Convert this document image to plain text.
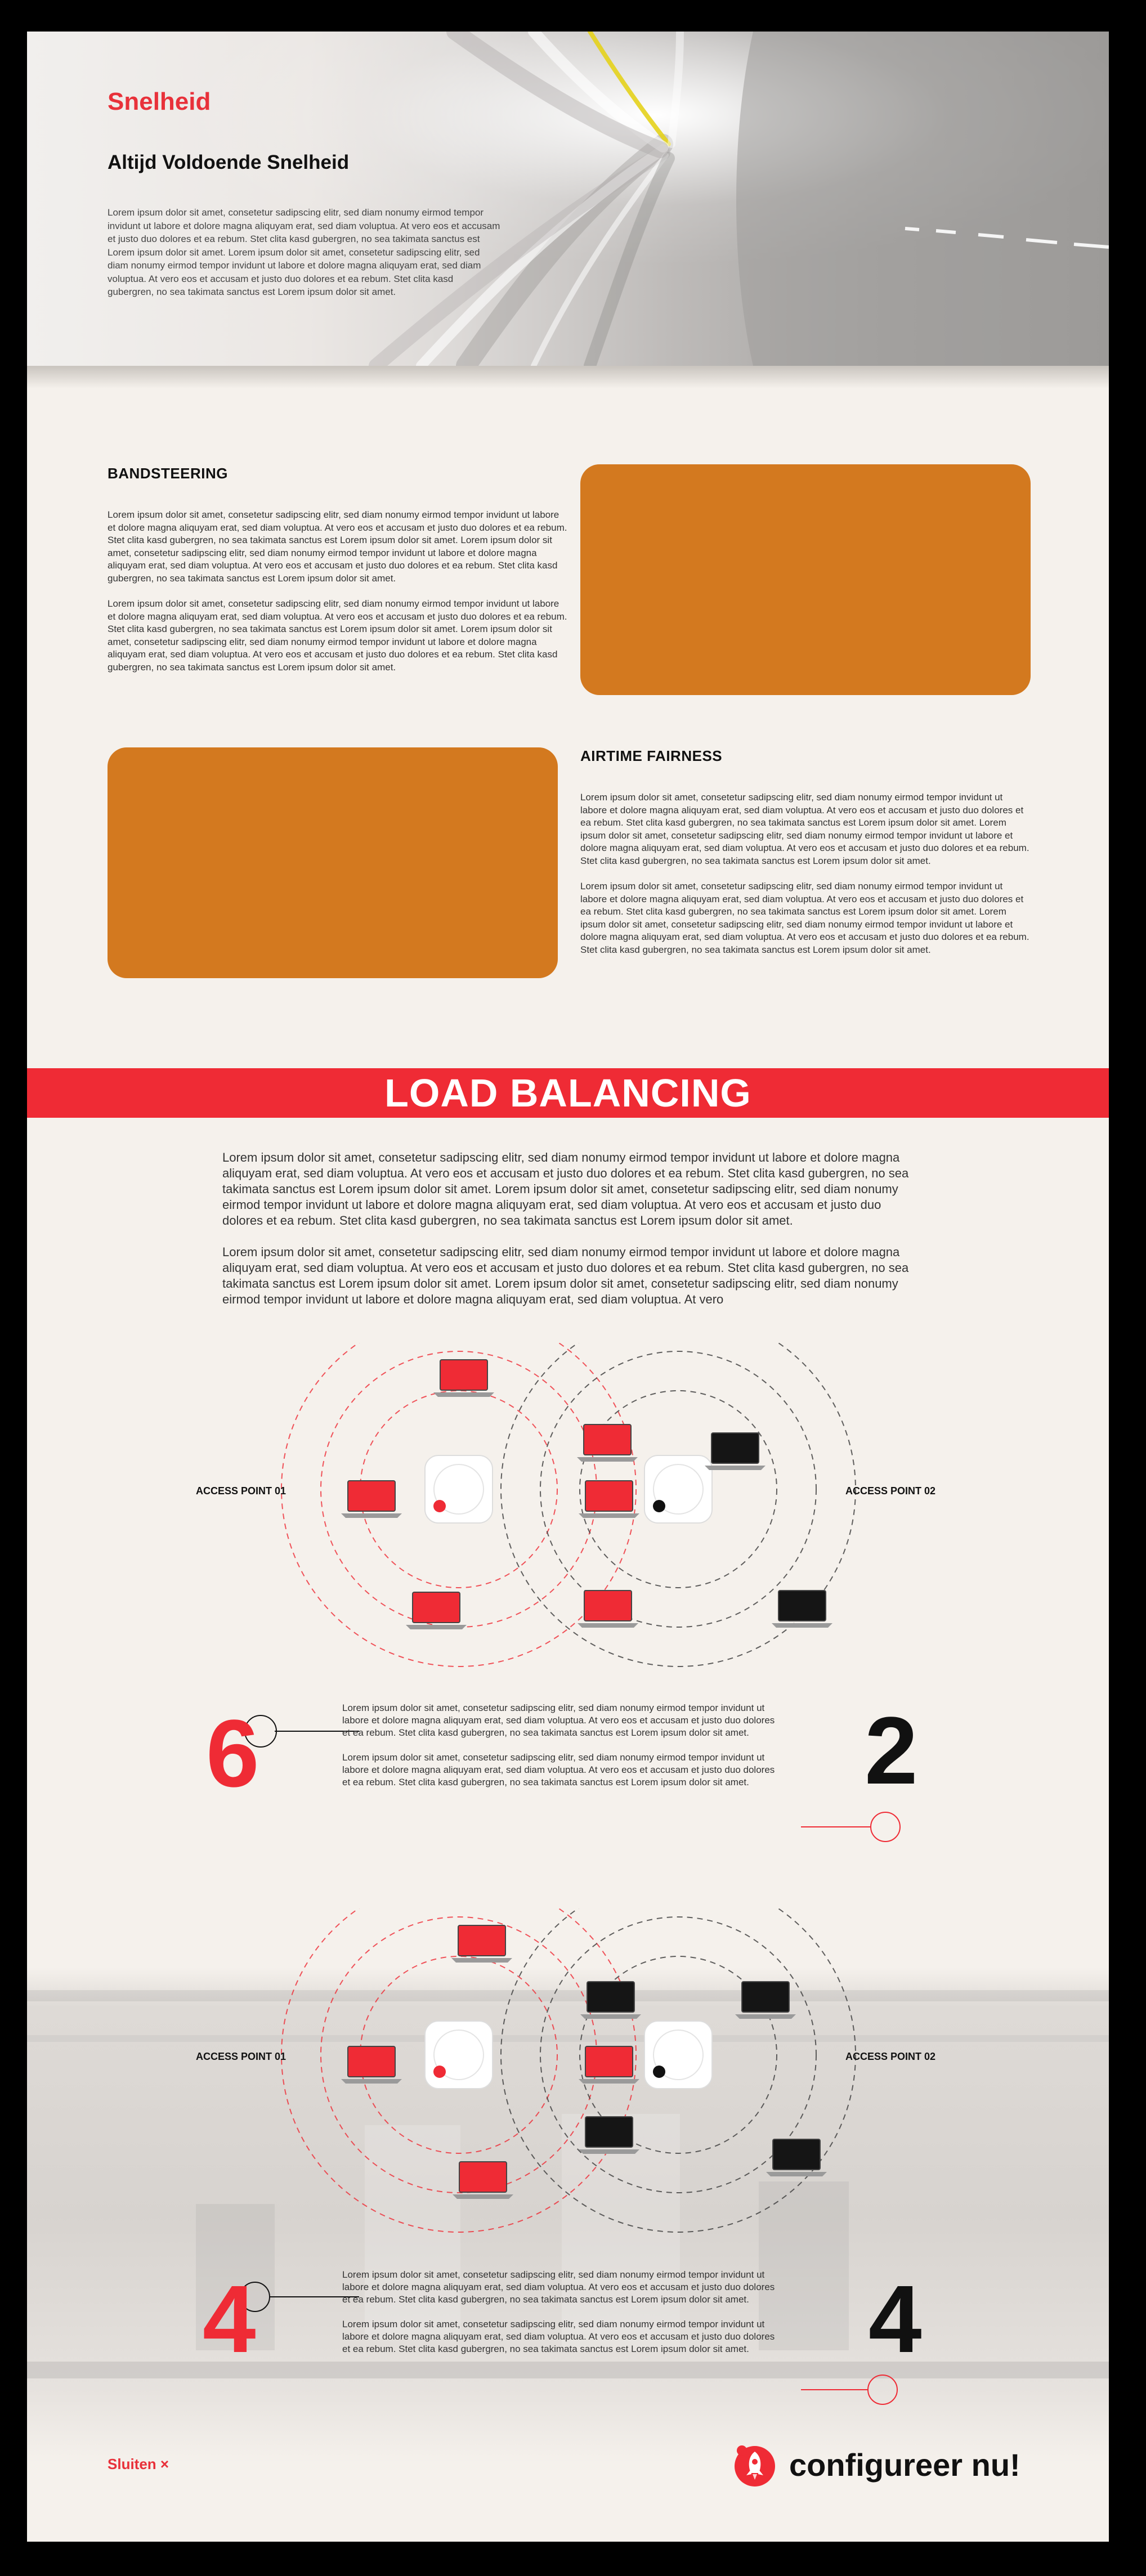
Snelheid
Altijd Voldoende Snelheid
Lorem ipsum dolor sit amet, consetetur sadipscing elitr, sed diam nonumy eirmod tempor invidunt ut labore et dolore magna aliquyam erat, sed diam voluptua. At vero eos et accusam et justo duo dolores et ea rebum. Stet clita kasd gubergren, no sea takimata sanctus est Lorem ipsum dolor sit amet. Lorem ipsum dolor sit amet, consetetur sadipscing elitr, sed diam nonumy eirmod tempor invidunt ut labore et dolore magna aliquyam erat, sed diam voluptua. At vero eos et accusam et justo duo dolores et ea rebum. Stet clita kasd gubergren, no sea takimata sanctus est Lorem ipsum dolor sit amet.
BANDSTEERING

Lorem ipsum dolor sit amet, consetetur sadipscing elitr, sed diam nonumy eirmod tempor invidunt ut labore et dolore magna aliquyam erat, sed diam voluptua. At vero eos et accusam et justo duo dolores et ea rebum. Stet clita kasd gubergren, no sea takimata sanctus est Lorem ipsum dolor sit amet. Lorem ipsum dolor sit amet, consetetur sadipscing elitr, sed diam nonumy eirmod tempor invidunt ut labore et dolore magna aliquyam erat, sed diam voluptua. At vero eos et accusam et justo duo dolores et ea rebum. Stet clita kasd gubergren, no sea takimata sanctus est Lorem ipsum dolor sit amet.

Lorem ipsum dolor sit amet, consetetur sadipscing elitr, sed diam nonumy eirmod tempor invidunt ut labore et dolore magna aliquyam erat, sed diam voluptua. At vero eos et accusam et justo duo dolores et ea rebum. Stet clita kasd gubergren, no sea takimata sanctus est Lorem ipsum dolor sit amet. Lorem ipsum dolor sit amet, consetetur sadipscing elitr, sed diam nonumy eirmod tempor invidunt ut labore et dolore magna aliquyam erat, sed diam voluptua. At vero eos et accusam et justo duo dolores et ea rebum. Stet clita kasd gubergren, no sea takimata sanctus est Lorem ipsum dolor sit amet.

AIRTIME FAIRNESS

Lorem ipsum dolor sit amet, consetetur sadipscing elitr, sed diam nonumy eirmod tempor invidunt ut labore et dolore magna aliquyam erat, sed diam voluptua. At vero eos et accusam et justo duo dolores et ea rebum. Stet clita kasd gubergren, no sea takimata sanctus est Lorem ipsum dolor sit amet. Lorem ipsum dolor sit amet, consetetur sadipscing elitr, sed diam nonumy eirmod tempor invidunt ut labore et dolore magna aliquyam erat, sed diam voluptua. At vero eos et accusam et justo duo dolores et ea rebum. Stet clita kasd gubergren, no sea takimata sanctus est Lorem ipsum dolor sit amet.

Lorem ipsum dolor sit amet, consetetur sadipscing elitr, sed diam nonumy eirmod tempor invidunt ut labore et dolore magna aliquyam erat, sed diam voluptua. At vero eos et accusam et justo duo dolores et ea rebum. Stet clita kasd gubergren, no sea takimata sanctus est Lorem ipsum dolor sit amet. Lorem ipsum dolor sit amet, consetetur sadipscing elitr, sed diam nonumy eirmod tempor invidunt ut labore et dolore magna aliquyam erat, sed diam voluptua. At vero eos et accusam et justo duo dolores et ea rebum. Stet clita kasd gubergren, no sea takimata sanctus est Lorem ipsum dolor sit amet.

LOAD BALANCING

Lorem ipsum dolor sit amet, consetetur sadipscing elitr, sed diam nonumy eirmod tempor invidunt ut labore et dolore magna aliquyam erat, sed diam voluptua. At vero eos et accusam et justo duo dolores et ea rebum. Stet clita kasd gubergren, no sea takimata sanctus est Lorem ipsum dolor sit amet. Lorem ipsum dolor sit amet, consetetur sadipscing elitr, sed diam nonumy eirmod tempor invidunt ut labore et dolore magna aliquyam erat, sed diam voluptua. At vero eos et accusam et justo duo dolores et ea rebum. Stet clita kasd gubergren, no sea takimata sanctus est Lorem ipsum dolor sit amet.

Lorem ipsum dolor sit amet, consetetur sadipscing elitr, sed diam nonumy eirmod tempor invidunt ut labore et dolore magna aliquyam erat, sed diam voluptua. At vero eos et accusam et justo duo dolores et ea rebum. Stet clita kasd gubergren, no sea takimata sanctus est Lorem ipsum dolor sit amet. Lorem ipsum dolor sit amet, consetetur sadipscing elitr, sed diam nonumy eirmod tempor invidunt ut labore et dolore magna aliquyam erat, sed diam voluptua. At vero

ACCESS POINT 01	ACCESS POINT 02
6	2

Lorem ipsum dolor sit amet, consetetur sadipscing elitr, sed diam nonumy eirmod tempor invidunt ut labore et dolore magna aliquyam erat, sed diam voluptua. At vero eos et accusam et justo duo dolores et ea rebum. Stet clita kasd gubergren, no sea takimata sanctus est Lorem ipsum dolor sit amet.

Lorem ipsum dolor sit amet, consetetur sadipscing elitr, sed diam nonumy eirmod tempor invidunt ut labore et dolore magna aliquyam erat, sed diam voluptua. At vero eos et accusam et justo duo dolores et ea rebum. Stet clita kasd gubergren, no sea takimata sanctus est Lorem ipsum dolor sit amet.

ACCESS POINT 01	ACCESS POINT 02
4	4

Lorem ipsum dolor sit amet, consetetur sadipscing elitr, sed diam nonumy eirmod tempor invidunt ut labore et dolore magna aliquyam erat, sed diam voluptua. At vero eos et accusam et justo duo dolores et ea rebum. Stet clita kasd gubergren, no sea takimata sanctus est Lorem ipsum dolor sit amet.

Lorem ipsum dolor sit amet, consetetur sadipscing elitr, sed diam nonumy eirmod tempor invidunt ut labore et dolore magna aliquyam erat, sed diam voluptua. At vero eos et accusam et justo duo dolores et ea rebum. Stet clita kasd gubergren, no sea takimata sanctus est Lorem ipsum dolor sit amet.

Sluiten ×	configureer nu!
